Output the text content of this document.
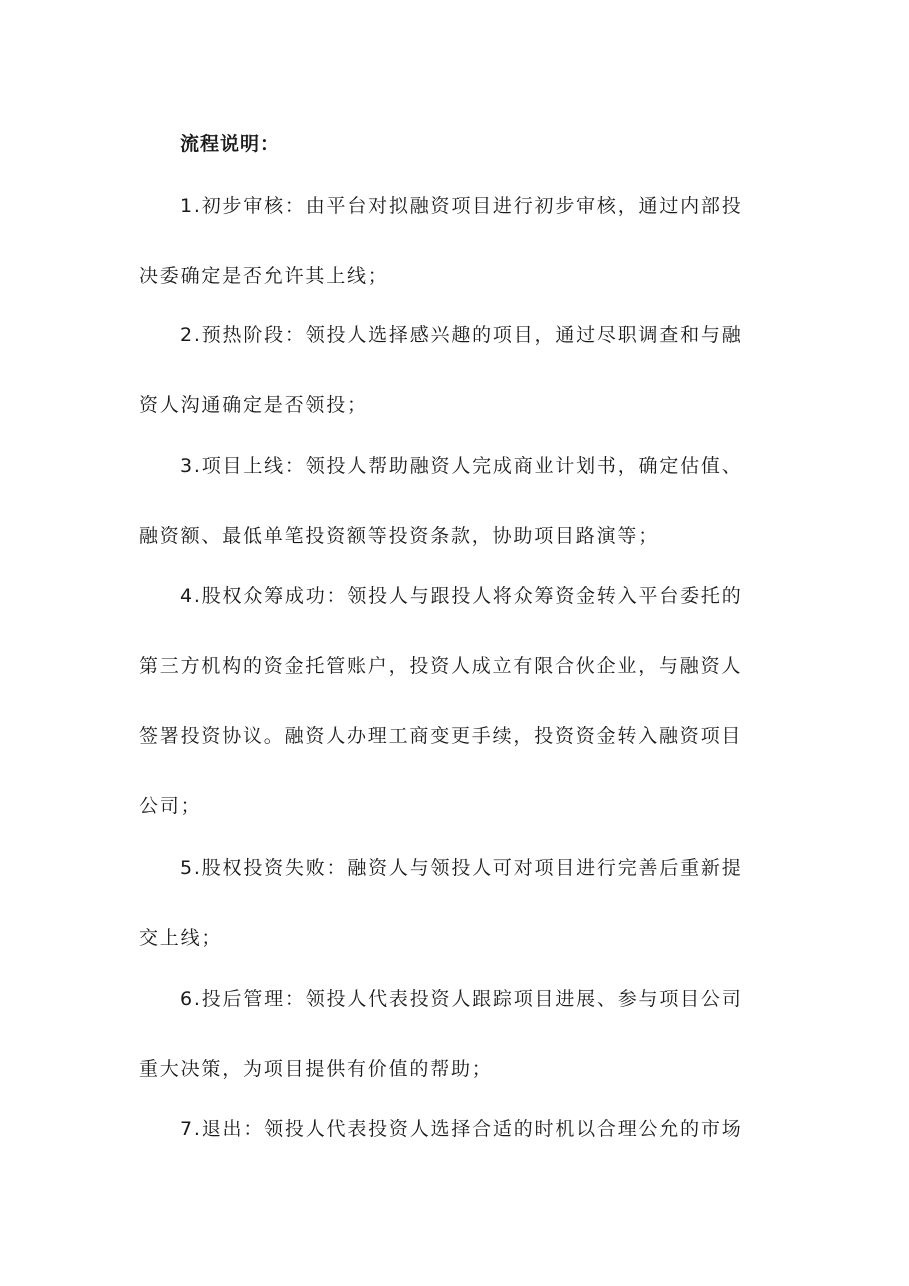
流程说明：
1.初步审核：由平台对拟融资项目进行初步审核，通过内部投
决委确定是否允许其上线；
2.预热阶段：领投人选择感兴趣的项目，通过尽职调查和与融
资人沟通确定是否领投；
3.项目上线：领投人帮助融资人完成商业计划书，确定估值、
融资额、最低单笔投资额等投资条款，协助项目路演等；
4.股权众筹成功：领投人与跟投人将众筹资金转入平台委托的
第三方机构的资金托管账户，投资人成立有限合伙企业，与融资人
签署投资协议。融资人办理工商变更手续，投资资金转入融资项目
公司；
5.股权投资失败：融资人与领投人可对项目进行完善后重新提
交上线；
6.投后管理：领投人代表投资人跟踪项目进展、参与项目公司
重大决策，为项目提供有价值的帮助；
7.退出：领投人代表投资人选择合适的时机以合理公允的市场
